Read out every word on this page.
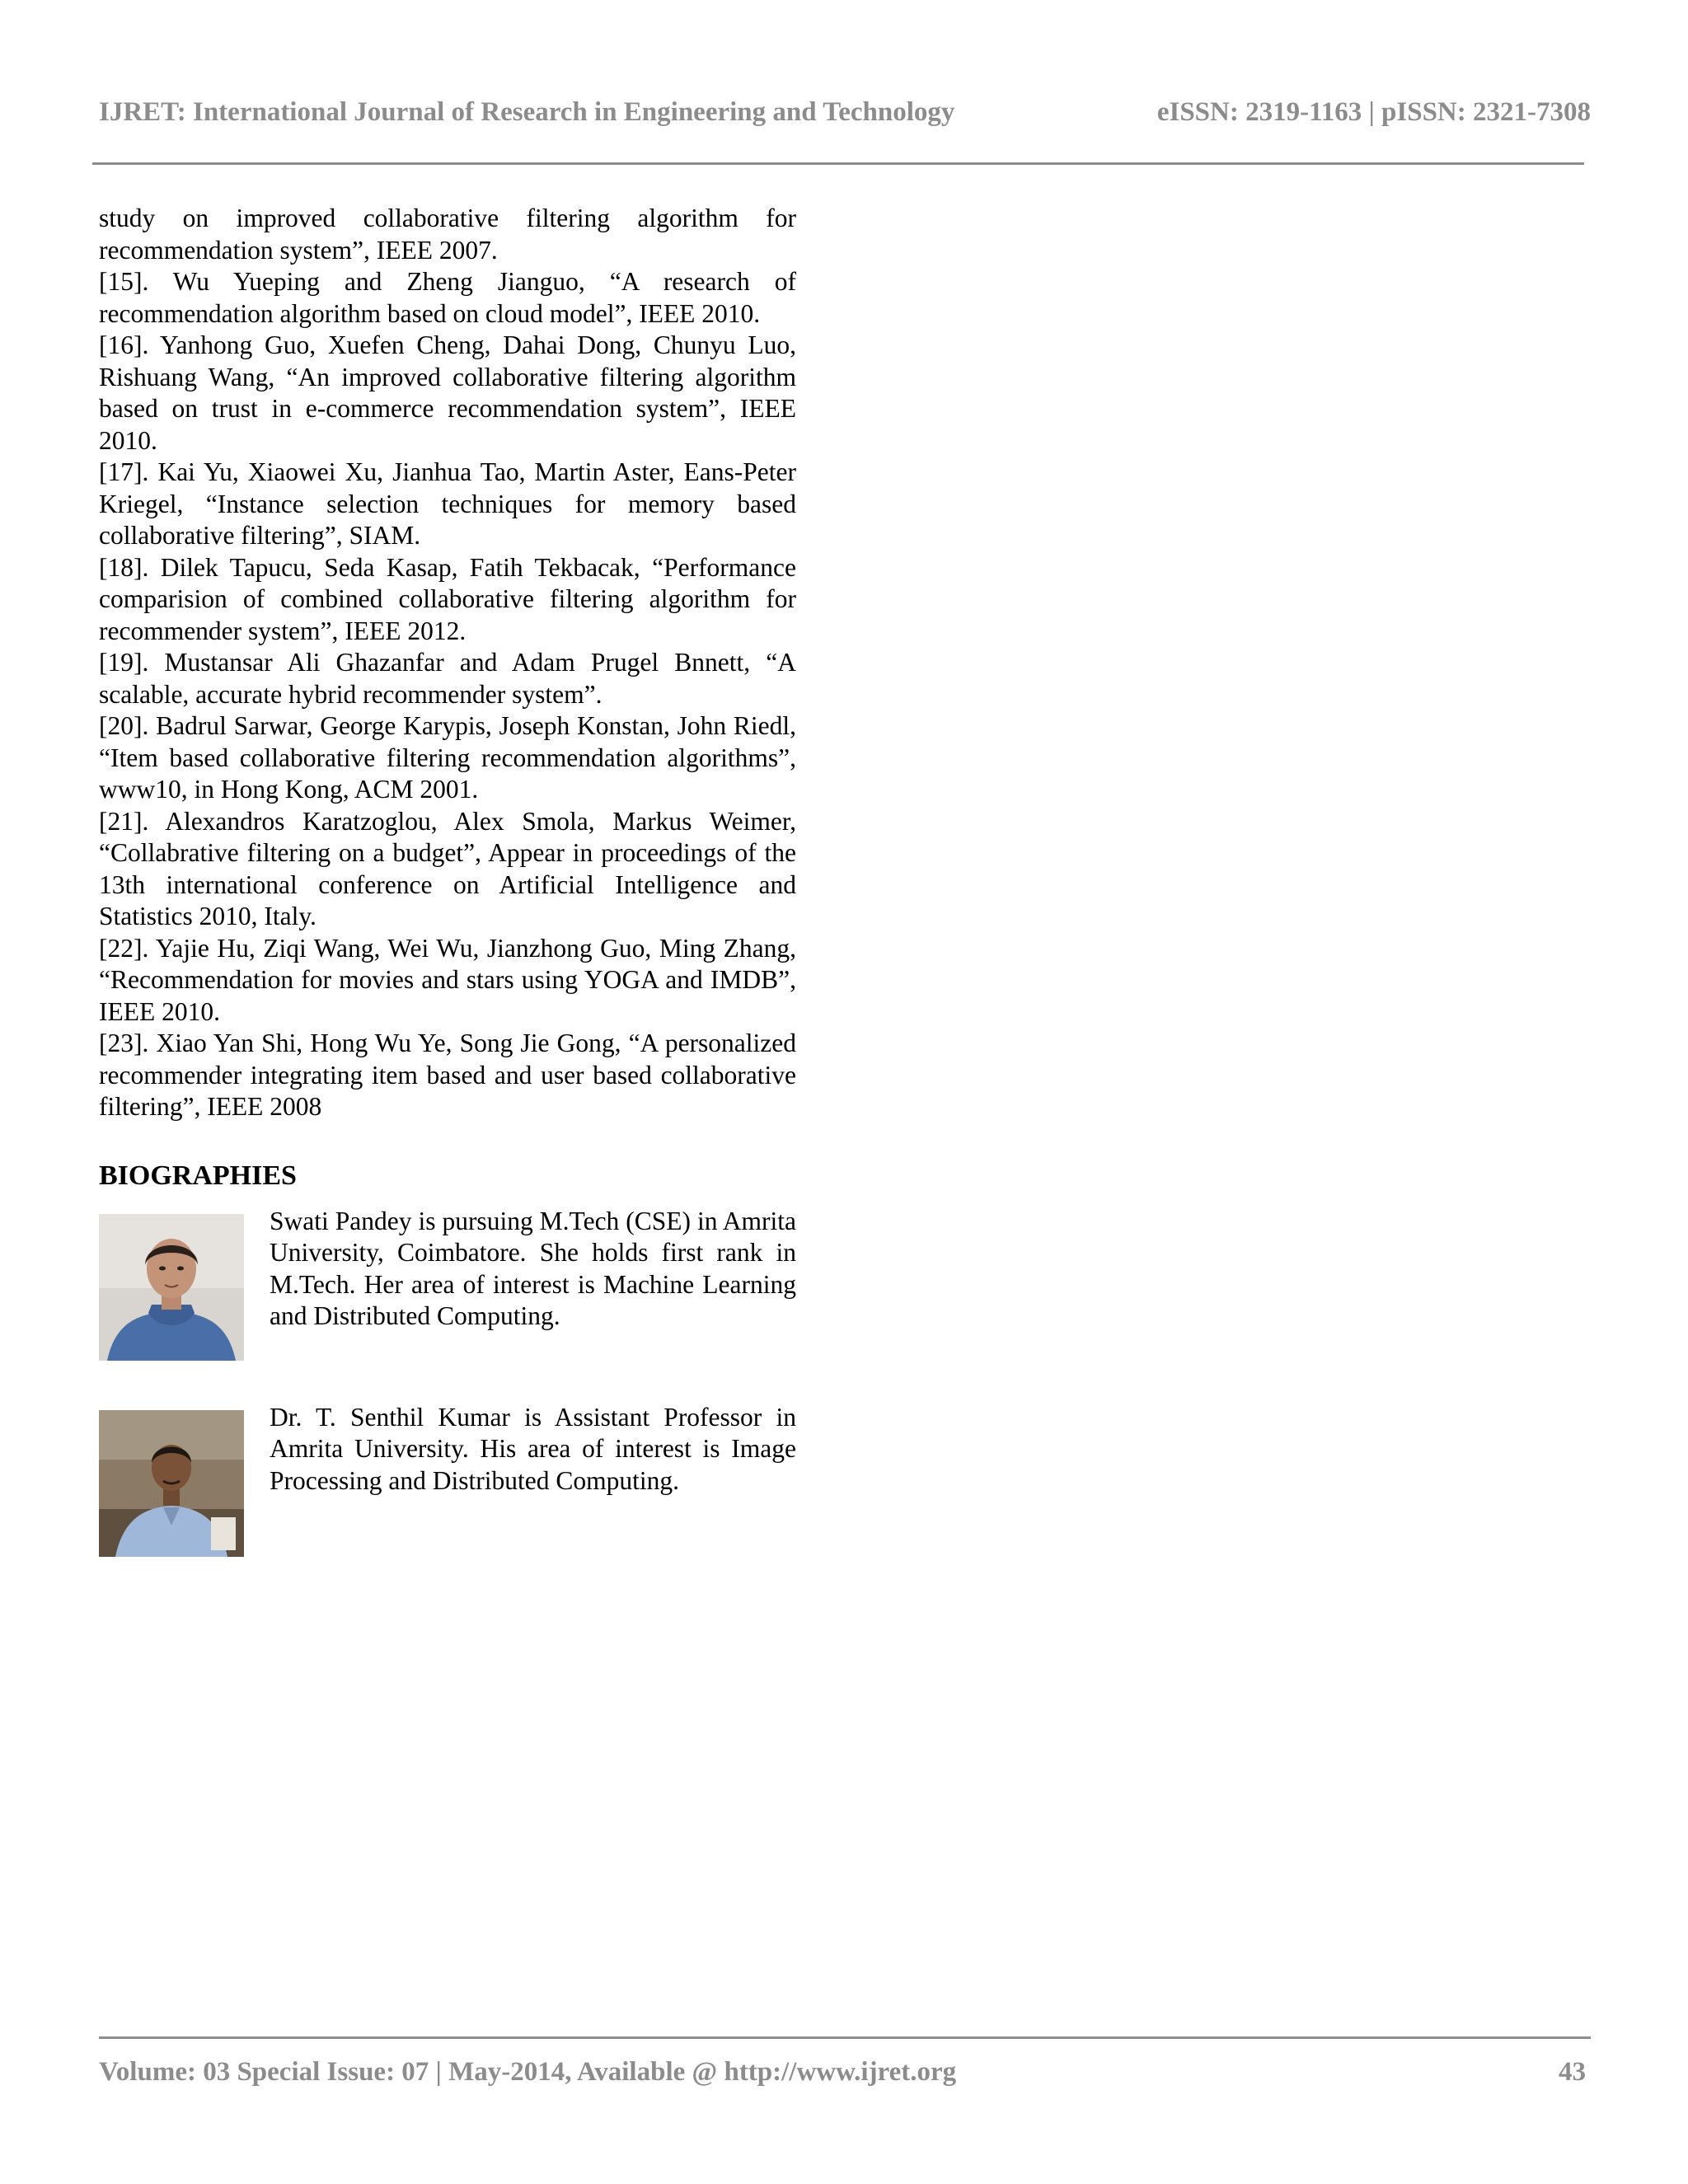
IJRET: International Journal of Research in Engineering and Technology	eISSN: 2319-1163 | pISSN: 2321-7308

study on improved collaborative filtering algorithm for recommendation system”, IEEE 2007.

[15]. Wu Yueping and Zheng Jianguo, “A research of recommendation algorithm based on cloud model”, IEEE 2010.

[16]. Yanhong Guo, Xuefen Cheng, Dahai Dong, Chunyu Luo, Rishuang Wang, “An improved collaborative filtering algorithm based on trust in e-commerce recommendation system”, IEEE 2010.

[17]. Kai Yu, Xiaowei Xu, Jianhua Tao, Martin Aster, Eans-Peter Kriegel, “Instance selection techniques for memory based collaborative filtering”, SIAM.

[18]. Dilek Tapucu, Seda Kasap, Fatih Tekbacak, “Performance comparision of combined collaborative filtering algorithm for recommender system”, IEEE 2012.

[19]. Mustansar Ali Ghazanfar and Adam Prugel Bnnett, “A scalable, accurate hybrid recommender system”.

[20]. Badrul Sarwar, George Karypis, Joseph Konstan, John Riedl, “Item based collaborative filtering recommendation algorithms”, www10, in Hong Kong, ACM 2001.

[21]. Alexandros Karatzoglou, Alex Smola, Markus Weimer, “Collabrative filtering on a budget”, Appear in proceedings of the 13th international conference on Artificial Intelligence and Statistics 2010, Italy.

[22]. Yajie Hu, Ziqi Wang, Wei Wu, Jianzhong Guo, Ming Zhang, “Recommendation for movies and stars using YOGA and IMDB”, IEEE 2010.

[23]. Xiao Yan Shi, Hong Wu Ye, Song Jie Gong, “A personalized recommender integrating item based and user based collaborative filtering”, IEEE 2008

BIOGRAPHIES

Swati Pandey is pursuing M.Tech (CSE) in Amrita University, Coimbatore. She holds first rank in M.Tech. Her area of interest is Machine Learning and Distributed Computing.

Dr. T. Senthil Kumar is Assistant Professor in Amrita University. His area of interest is Image Processing and Distributed Computing.

Volume: 03 Special Issue: 07 | May-2014, Available @ http://www.ijret.org	43
